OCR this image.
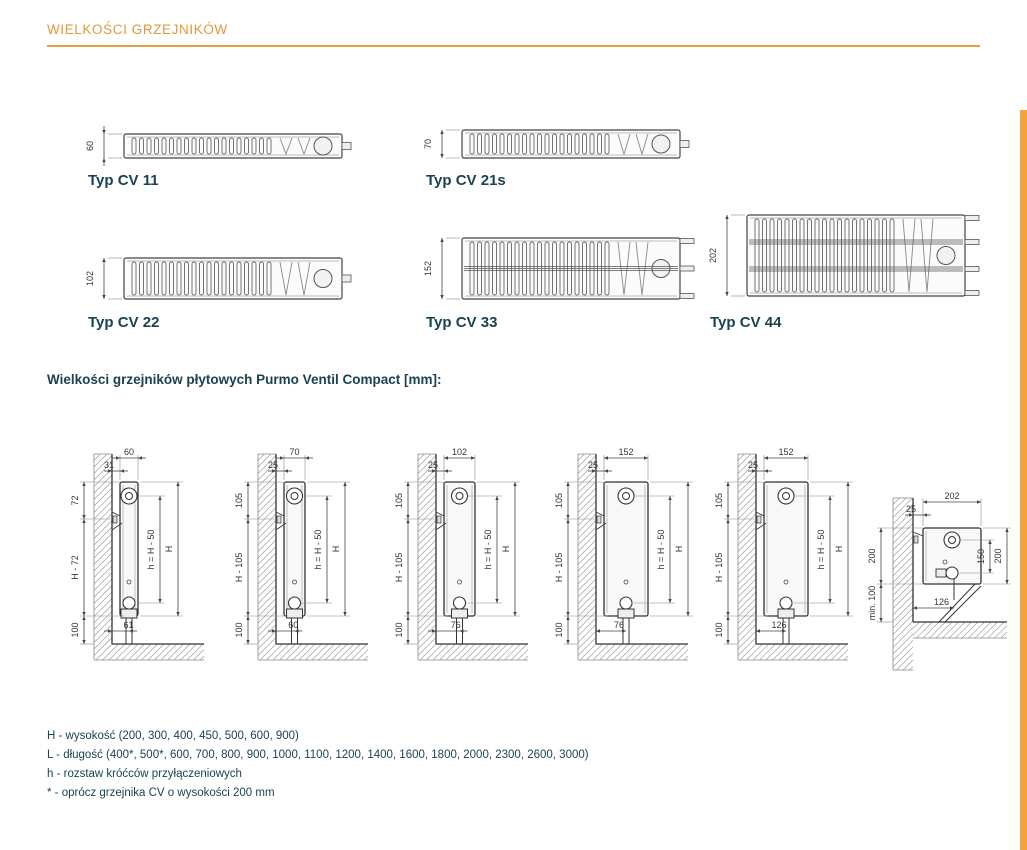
WIELKOŚCI GRZEJNIKÓW
60	70
102
152
202
Typ CV 11	Typ CV 21s
Typ CV 22	Typ CV 33	Typ CV 44
Wielkości grzejników płytowych Purmo Ventil Compact [mm]:
60
31
72
H - 72
100
h = H - 50 H
61
70
25
105
H - 105
100
h = H - 50 H
60
102
25
105
H - 105
100
h = H - 50 H
76
152
25
105
H - 105
100
h = H - 50 H
76
152
25
105
H - 105
100
h = H - 50 H
126
202
25
200
min. 100
150 200
126
H - wysokość (200, 300, 400, 450, 500, 600, 900)
L - długość (400*, 500*, 600, 700, 800, 900, 1000, 1100, 1200, 1400, 1600, 1800, 2000, 2300, 2600, 3000)
h - rozstaw króćców przyłączeniowych
* - oprócz grzejnika CV o wysokości 200 mm
